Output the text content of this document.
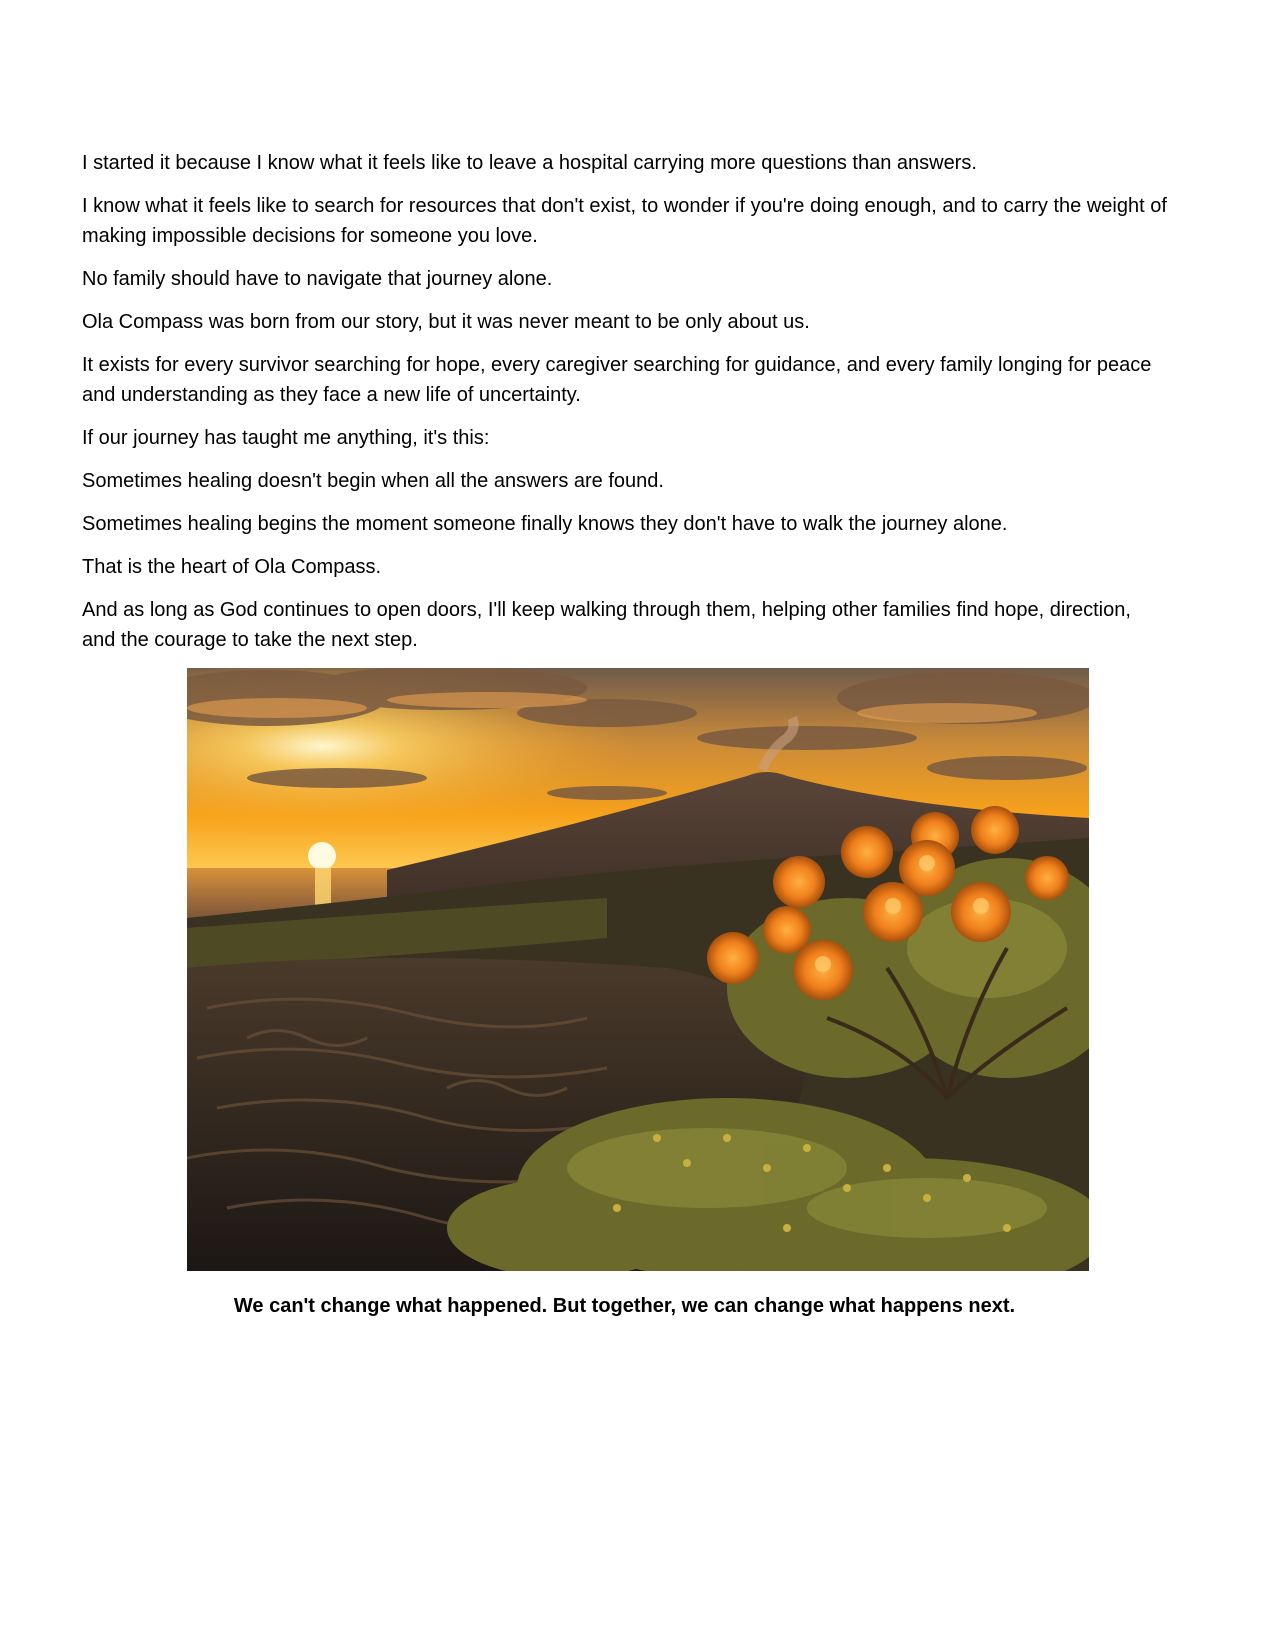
I started it because I know what it feels like to leave a hospital carrying more questions than answers.

I know what it feels like to search for resources that don't exist, to wonder if you're doing enough, and to carry the weight of making impossible decisions for someone you love.

No family should have to navigate that journey alone.

Ola Compass was born from our story, but it was never meant to be only about us.

It exists for every survivor searching for hope, every caregiver searching for guidance, and every family longing for peace and understanding as they face a new life of uncertainty.

If our journey has taught me anything, it's this:

Sometimes healing doesn't begin when all the answers are found.

Sometimes healing begins the moment someone finally knows they don't have to walk the journey alone.

That is the heart of Ola Compass.

And as long as God continues to open doors, I'll keep walking through them, helping other families find hope, direction, and the courage to take the next step.

We can't change what happened. But together, we can change what happens next.
